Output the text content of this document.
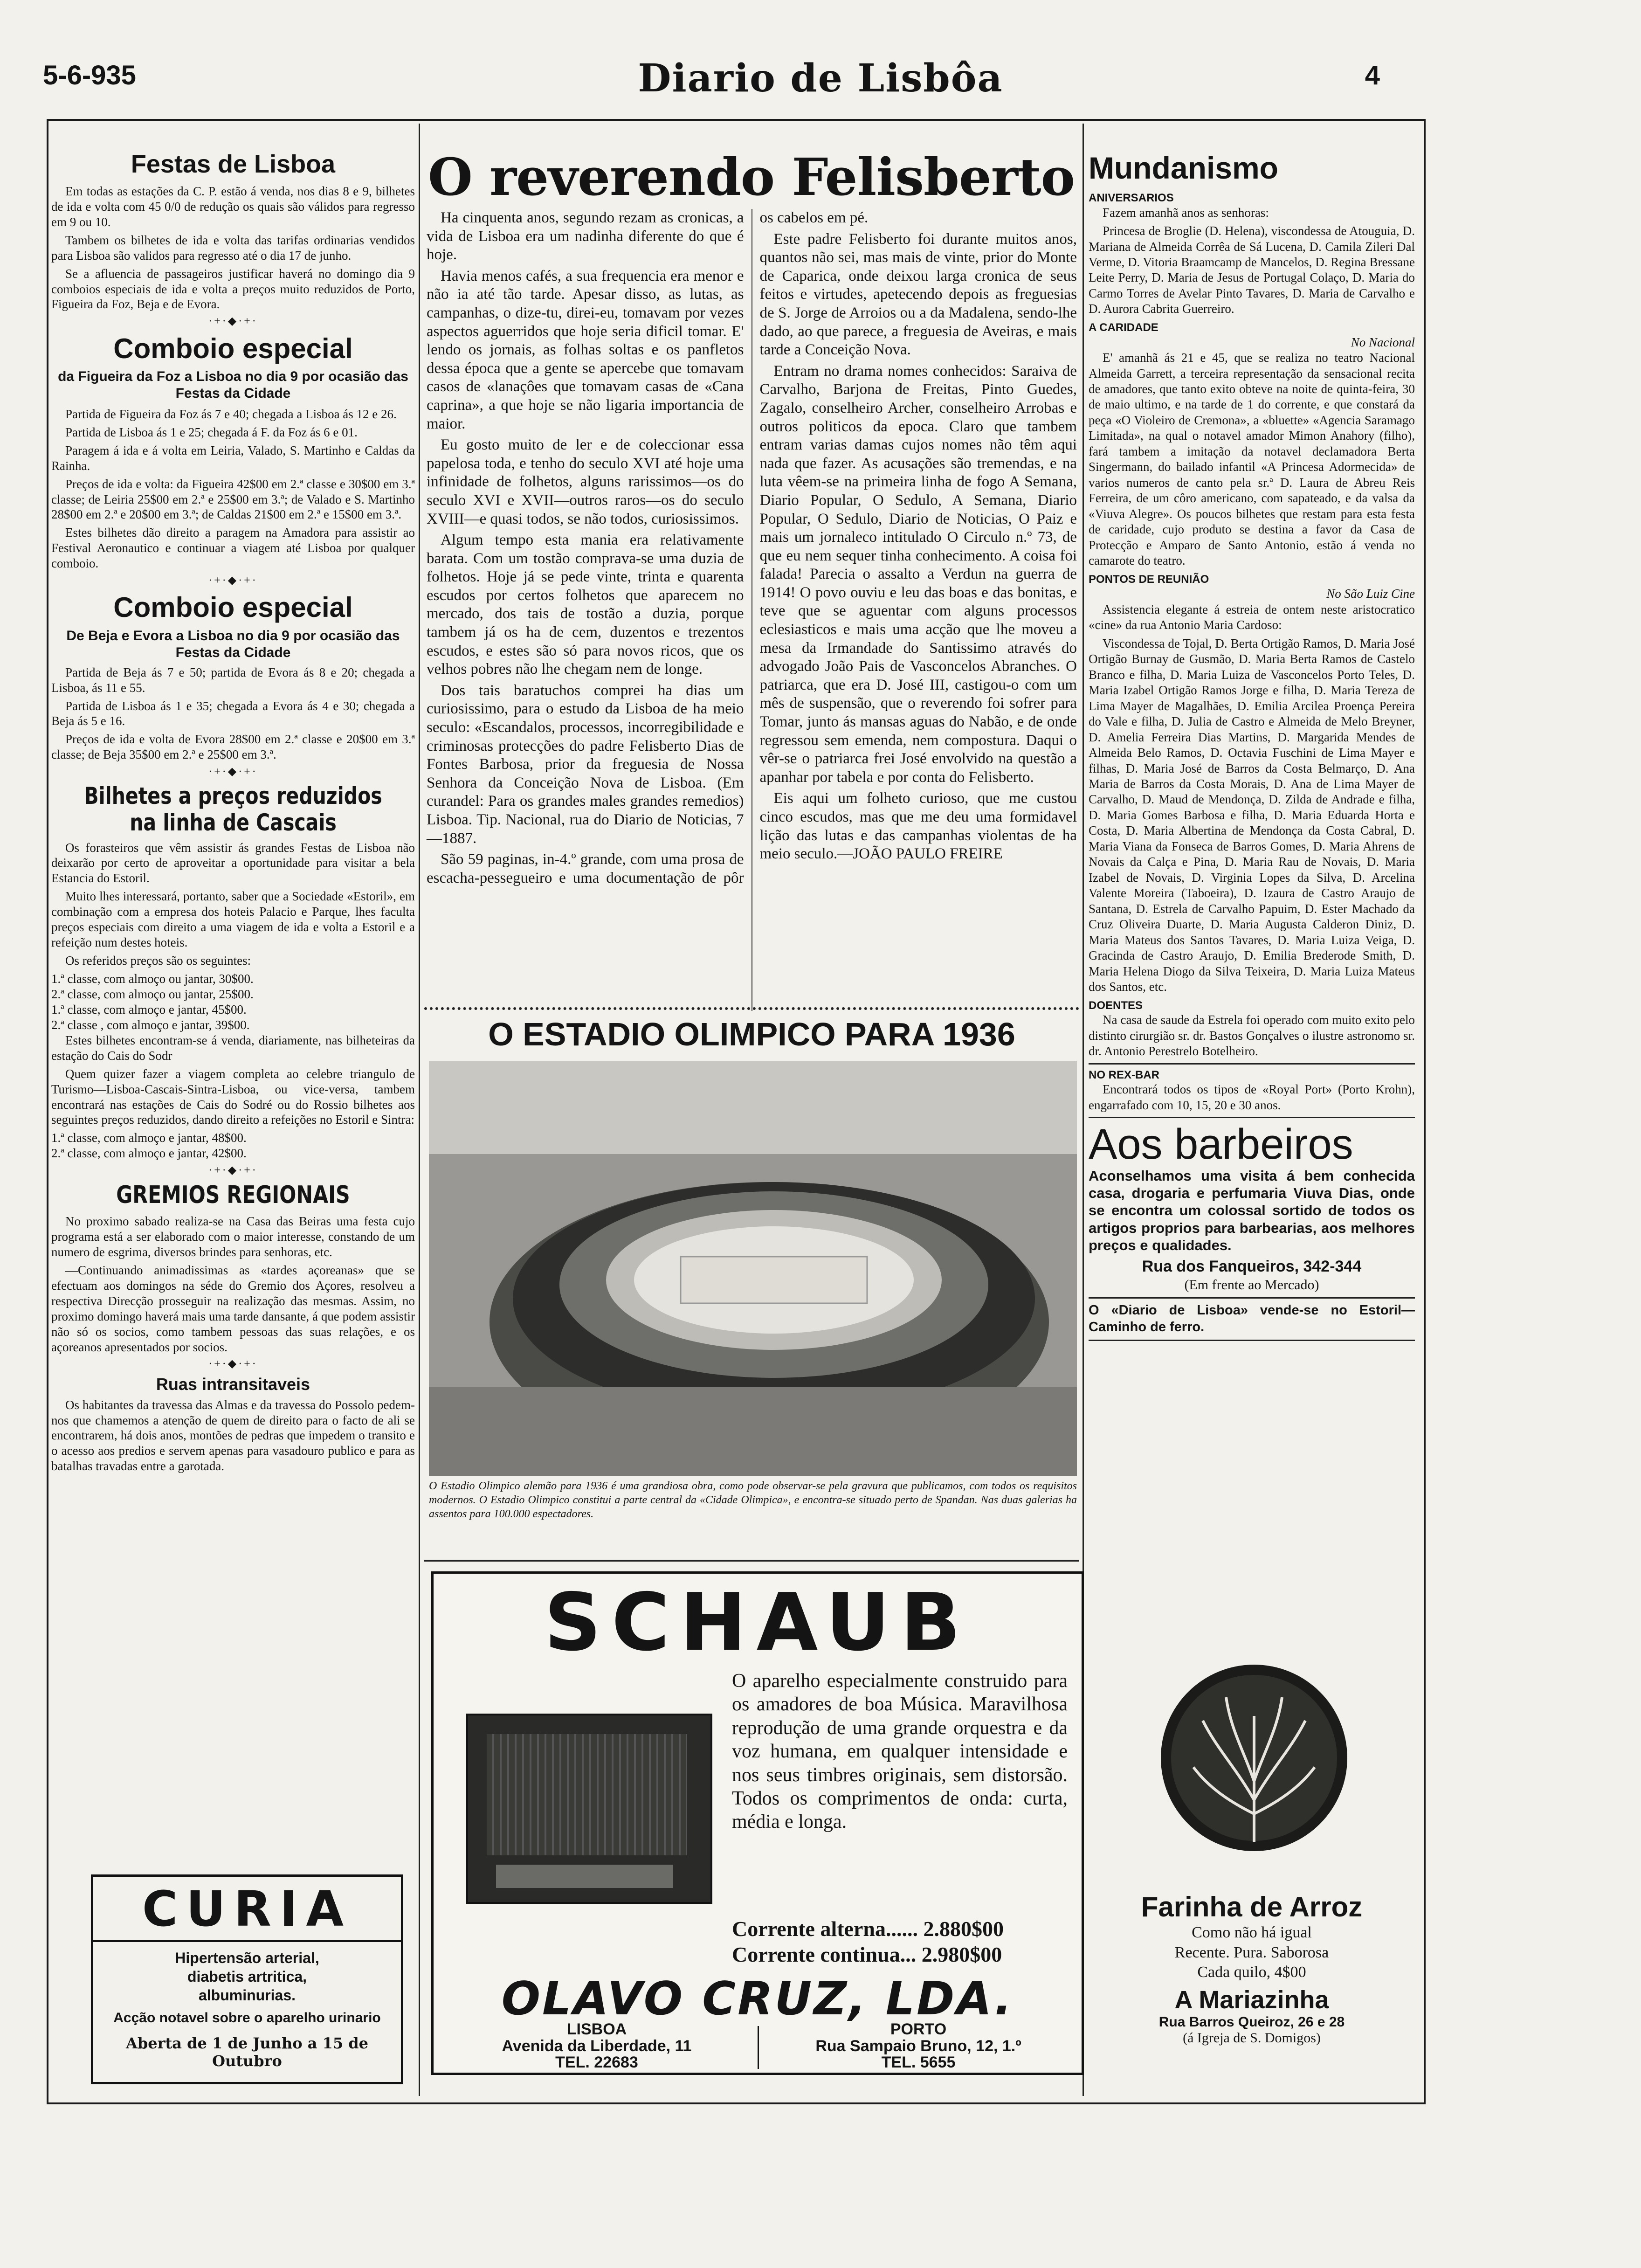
5-6-935	Diario de Lisbôa	4
Festas de Lisboa

Em todas as estações da C. P. estão á venda, nos dias 8 e 9, bilhetes de ida e volta com 45 0/0 de redução os quais são válidos para regresso em 9 ou 10.

Tambem os bilhetes de ida e volta das tarifas ordinarias vendidos para Lisboa são validos para regresso até o dia 17 de junho.

Se a afluencia de passageiros justificar haverá no domingo dia 9 comboios especiais de ida e volta a preços muito reduzidos de Porto, Figueira da Foz, Beja e de Evora.

·+·◆·+·
Comboio especial
da Figueira da Foz a Lisboa no dia 9 por ocasião das Festas da Cidade

Partida de Figueira da Foz ás 7 e 40; chegada a Lisboa ás 12 e 26.

Partida de Lisboa ás 1 e 25; chegada á F. da Foz ás 6 e 01.

Paragem á ida e á volta em Leiria, Valado, S. Martinho e Caldas da Rainha.

Preços de ida e volta: da Figueira 42$00 em 2.ª classe e 30$00 em 3.ª classe; de Leiria 25$00 em 2.ª e 25$00 em 3.ª; de Valado e S. Martinho 28$00 em 2.ª e 20$00 em 3.ª; de Caldas 21$00 em 2.ª e 15$00 em 3.ª.

Estes bilhetes dão direito a paragem na Amadora para assistir ao Festival Aeronautico e continuar a viagem até Lisboa por qualquer comboio.

·+·◆·+·
Comboio especial
De Beja e Evora a Lisboa no dia 9 por ocasião das Festas da Cidade

Partida de Beja ás 7 e 50; partida de Evora ás 8 e 20; chegada a Lisboa, ás 11 e 55.

Partida de Lisboa ás 1 e 35; chegada a Evora ás 4 e 30; chegada a Beja ás 5 e 16.

Preços de ida e volta de Evora 28$00 em 2.ª classe e 20$00 em 3.ª classe; de Beja 35$00 em 2.ª e 25$00 em 3.ª.

·+·◆·+·
Bilhetes a preços reduzidos na linha de Cascais

Os forasteiros que vêm assistir ás grandes Festas de Lisboa não deixarão por certo de aproveitar a oportunidade para visitar a bela Estancia do Estoril.

Muito lhes interessará, portanto, saber que a Sociedade «Estoril», em combinação com a empresa dos hoteis Palacio e Parque, lhes faculta preços especiais com direito a uma viagem de ida e volta a Estoril e a refeição num destes hoteis.

Os referidos preços são os seguintes:

1.ª classe, com almoço ou jantar, 30$00.
2.ª classe, com almoço ou jantar, 25$00.
1.ª classe, com almoço e jantar, 45$00.
2.ª classe , com almoço e jantar, 39$00.

Estes bilhetes encontram-se á venda, diariamente, nas bilheteiras da estação do Cais do Sodr

Quem quizer fazer a viagem completa ao celebre triangulo de Turismo—Lisboa-Cascais-Sintra-Lisboa, ou vice-versa, tambem encontrará nas estações de Cais do Sodré ou do Rossio bilhetes aos seguintes preços reduzidos, dando direito a refeições no Estoril e Sintra:

1.ª classe, com almoço e jantar, 48$00.
2.ª classe, com almoço e jantar, 42$00.
·+·◆·+·
GREMIOS REGIONAIS

No proximo sabado realiza-se na Casa das Beiras uma festa cujo programa está a ser elaborado com o maior interesse, constando de um numero de esgrima, diversos brindes para senhoras, etc.

—Continuando animadissimas as «tardes açoreanas» que se efectuam aos domingos na séde do Gremio dos Açores, resolveu a respectiva Direcção prosseguir na realização das mesmas. Assim, no proximo domingo haverá mais uma tarde dansante, á que podem assistir não só os socios, como tambem pessoas das suas relações, e os açoreanos apresentados por socios.

·+·◆·+·
Ruas intransitaveis

Os habitantes da travessa das Almas e da travessa do Possolo pedem-nos que chamemos a atenção de quem de direito para o facto de ali se encontrarem, há dois anos, montões de pedras que impedem o transito e o acesso aos predios e servem apenas para vasadouro publico e para as batalhas travadas entre a garotada.

CURIA
Hipertensão arterial,
diabetis artritica,
albuminurias.
Acção notavel sobre o aparelho urinario
Aberta de 1 de Junho a 15 de Outubro
O reverendo Felisberto

Ha cinquenta anos, segundo rezam as cronicas, a vida de Lisboa era um nadinha diferente do que é hoje.

Havia menos cafés, a sua frequencia era menor e não ia até tão tarde. Apesar disso, as lutas, as campanhas, o dize-tu, direi-eu, tomavam por vezes aspectos aguerridos que hoje seria dificil tomar. E' lendo os jornais, as folhas soltas e os panfletos dessa época que a gente se apercebe que tomavam casos de «lanaçôes que tomavam casas de «Cana caprina», a que hoje se não ligaria importancia de maior.

Eu gosto muito de ler e de coleccionar essa papelosa toda, e tenho do seculo XVI até hoje uma infinidade de folhetos, alguns rarissimos—os do seculo XVI e XVII—outros raros—os do seculo XVIII—e quasi todos, se não todos, curiosissimos.

Algum tempo esta mania era relativamente barata. Com um tostão comprava-se uma duzia de folhetos. Hoje já se pede vinte, trinta e quarenta escudos por certos folhetos que aparecem no mercado, dos tais de tostão a duzia, porque tambem já os ha de cem, duzentos e trezentos escudos, e estes são só para novos ricos, que os velhos pobres não lhe chegam nem de longe.

Dos tais baratuchos comprei ha dias um curiosissimo, para o estudo da Lisboa de ha meio seculo: «Escandalos, processos, incorregibilidade e criminosas protecções do padre Felisberto Dias de Fontes Barbosa, prior da freguesia de Nossa Senhora da Conceição Nova de Lisboa. (Em curandel: Para os grandes males grandes remedios) Lisboa. Tip. Nacional, rua do Diario de Noticias, 7—1887.

São 59 paginas, in-4.º grande, com uma prosa de escacha-pessegueiro e uma documentação de pôr os cabelos em pé.

Este padre Felisberto foi durante muitos anos, quantos não sei, mas mais de vinte, prior do Monte de Caparica, onde deixou larga cronica de seus feitos e virtudes, apetecendo depois as freguesias de S. Jorge de Arroios ou a da Madalena, sendo-lhe dado, ao que parece, a freguesia de Aveiras, e mais tarde a Conceição Nova.

Entram no drama nomes conhecidos: Saraiva de Carvalho, Barjona de Freitas, Pinto Guedes, Zagalo, conselheiro Archer, conselheiro Arrobas e outros politicos da epoca. Claro que tambem entram varias damas cujos nomes não têm aqui nada que fazer. As acusações são tremendas, e na luta vêem-se na primeira linha de fogo A Semana, Diario Popular, O Sedulo, A Semana, Diario Popular, O Sedulo, Diario de Noticias, O Paiz e mais um jornaleco intitulado O Circulo n.º 73, de que eu nem sequer tinha conhecimento. A coisa foi falada! Parecia o assalto a Verdun na guerra de 1914! O povo ouviu e leu das boas e das bonitas, e teve que se aguentar com alguns processos eclesiasticos e mais uma acção que lhe moveu a mesa da Irmandade do Santissimo através do advogado João Pais de Vasconcelos Abranches. O patriarca, que era D. José III, castigou-o com um mês de suspensão, que o reverendo foi sofrer para Tomar, junto ás mansas aguas do Nabão, e de onde regressou sem emenda, nem compostura. Daqui o vêr-se o patriarca frei José envolvido na questão a apanhar por tabela e por conta do Felisberto.

Eis aqui um folheto curioso, que me custou cinco escudos, mas que me deu uma formidavel lição das lutas e das campanhas violentas de ha meio seculo.—JOÃO PAULO FREIRE

O ESTADIO OLIMPICO PARA 1936
O Estadio Olimpico alemão para 1936 é uma grandiosa obra, como pode observar-se pela gravura que publicamos, com todos os requisitos modernos. O Estadio Olimpico constitui a parte central da «Cidade Olimpica», e encontra-se situado perto de Spandan. Nas duas galerias ha assentos para 100.000 espectadores.
SCHAUB
O aparelho especialmente construido para os amadores de boa Música. Maravilhosa reprodução de uma grande orquestra e da voz humana, em qualquer intensidade e nos seus timbres originais, sem distorsão. Todos os comprimentos de onda: curta, média e longa.
Corrente alterna...... 2.880$00
Corrente continua... 2.980$00
OLAVO CRUZ, LDA.
LISBOA
Avenida da Liberdade, 11
TEL. 22683
PORTO
Rua Sampaio Bruno, 12, 1.º
TEL. 5655
Mundanismo
ANIVERSARIOS

Fazem amanhã anos as senhoras:

Princesa de Broglie (D. Helena), viscondessa de Atouguia, D. Mariana de Almeida Corrêa de Sá Lucena, D. Camila Zileri Dal Verme, D. Vitoria Braamcamp de Mancelos, D. Regina Bressane Leite Perry, D. Maria de Jesus de Portugal Colaço, D. Maria do Carmo Torres de Avelar Pinto Tavares, D. Maria de Carvalho e D. Aurora Cabrita Guerreiro.

A CARIDADE
No Nacional

E' amanhã ás 21 e 45, que se realiza no teatro Nacional Almeida Garrett, a terceira representação da sensacional recita de amadores, que tanto exito obteve na noite de quinta-feira, 30 de maio ultimo, e na tarde de 1 do corrente, e que constará da peça «O Violeiro de Cremona», a «bluette» «Agencia Saramago Limitada», na qual o notavel amador Mimon Anahory (filho), fará tambem a imitação da notavel declamadora Berta Singermann, do bailado infantil «A Princesa Adormecida» de varios numeros de canto pela sr.ª D. Laura de Abreu Reis Ferreira, de um côro americano, com sapateado, e da valsa da «Viuva Alegre». Os poucos bilhetes que restam para esta festa de caridade, cujo produto se destina a favor da Casa de Protecção e Amparo de Santo Antonio, estão á venda no camarote do teatro.

PONTOS DE REUNIÃO
No São Luiz Cine

Assistencia elegante á estreia de ontem neste aristocratico «cine» da rua Antonio Maria Cardoso:

Viscondessa de Tojal, D. Berta Ortigão Ramos, D. Maria José Ortigão Burnay de Gusmão, D. Maria Berta Ramos de Castelo Branco e filha, D. Maria Luiza de Vasconcelos Porto Teles, D. Maria Izabel Ortigão Ramos Jorge e filha, D. Maria Tereza de Lima Mayer de Magalhães, D. Emilia Arcilea Proença Pereira do Vale e filha, D. Julia de Castro e Almeida de Melo Breyner, D. Amelia Ferreira Dias Martins, D. Margarida Mendes de Almeida Belo Ramos, D. Octavia Fuschini de Lima Mayer e filhas, D. Maria José de Barros da Costa Belmarço, D. Ana Maria de Barros da Costa Morais, D. Ana de Lima Mayer de Carvalho, D. Maud de Mendonça, D. Zilda de Andrade e filha, D. Maria Gomes Barbosa e filha, D. Maria Eduarda Horta e Costa, D. Maria Albertina de Mendonça da Costa Cabral, D. Maria Viana da Fonseca de Barros Gomes, D. Maria Ahrens de Novais da Calça e Pina, D. Maria Rau de Novais, D. Maria Izabel de Novais, D. Virginia Lopes da Silva, D. Arcelina Valente Moreira (Taboeira), D. Izaura de Castro Araujo de Santana, D. Estrela de Carvalho Papuim, D. Ester Machado da Cruz Oliveira Duarte, D. Maria Augusta Calderon Diniz, D. Maria Mateus dos Santos Tavares, D. Maria Luiza Veiga, D. Gracinda de Castro Araujo, D. Emilia Brederode Smith, D. Maria Helena Diogo da Silva Teixeira, D. Maria Luiza Mateus dos Santos, etc.

DOENTES

Na casa de saude da Estrela foi operado com muito exito pelo distinto cirurgião sr. dr. Bastos Gonçalves o ilustre astronomo sr. dr. Antonio Perestrelo Botelheiro.

NO REX-BAR

Encontrará todos os tipos de «Royal Port» (Porto Krohn), engarrafado com 10, 15, 20 e 30 anos.

Aos barbeiros
Aconselhamos uma visita á bem conhecida casa, drogaria e perfumaria Viuva Dias, onde se encontra um colossal sortido de todos os artigos proprios para barbearias, aos melhores preços e qualidades.
Rua dos Fanqueiros, 342-344
(Em frente ao Mercado)
O «Diario de Lisboa» vende-se no Estoril—Caminho de ferro.
Farinha de Arroz
Como não há igual
Recente. Pura. Saborosa
Cada quilo, 4$00
A Mariazinha
Rua Barros Queiroz, 26 e 28
(á Igreja de S. Domigos)
